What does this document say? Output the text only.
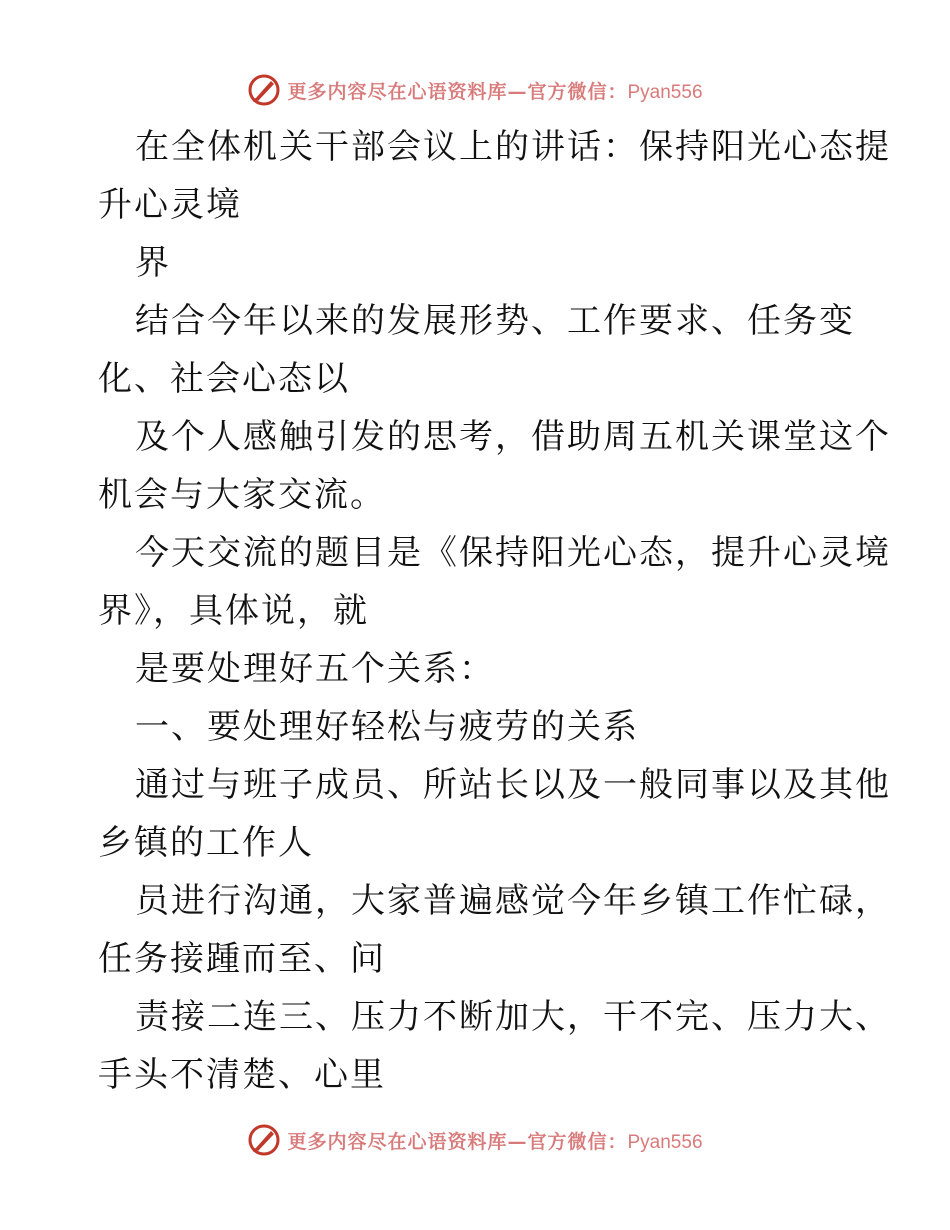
更多内容尽在心语资料库—官方微信：Pyan556
在全体机关干部会议上的讲话：保持阳光心态提
升心灵境
界
结合今年以来的发展形势、工作要求、任务变
化、社会心态以
及个人感触引发的思考，借助周五机关课堂这个
机会与大家交流。
今天交流的题目是《保持阳光心态，提升心灵境
界》，具体说，就
是要处理好五个关系：
一、要处理好轻松与疲劳的关系
通过与班子成员、所站长以及一般同事以及其他
乡镇的工作人
员进行沟通，大家普遍感觉今年乡镇工作忙碌，
任务接踵而至、问
责接二连三、压力不断加大，干不完、压力大、
手头不清楚、心里
更多内容尽在心语资料库—官方微信：Pyan556
